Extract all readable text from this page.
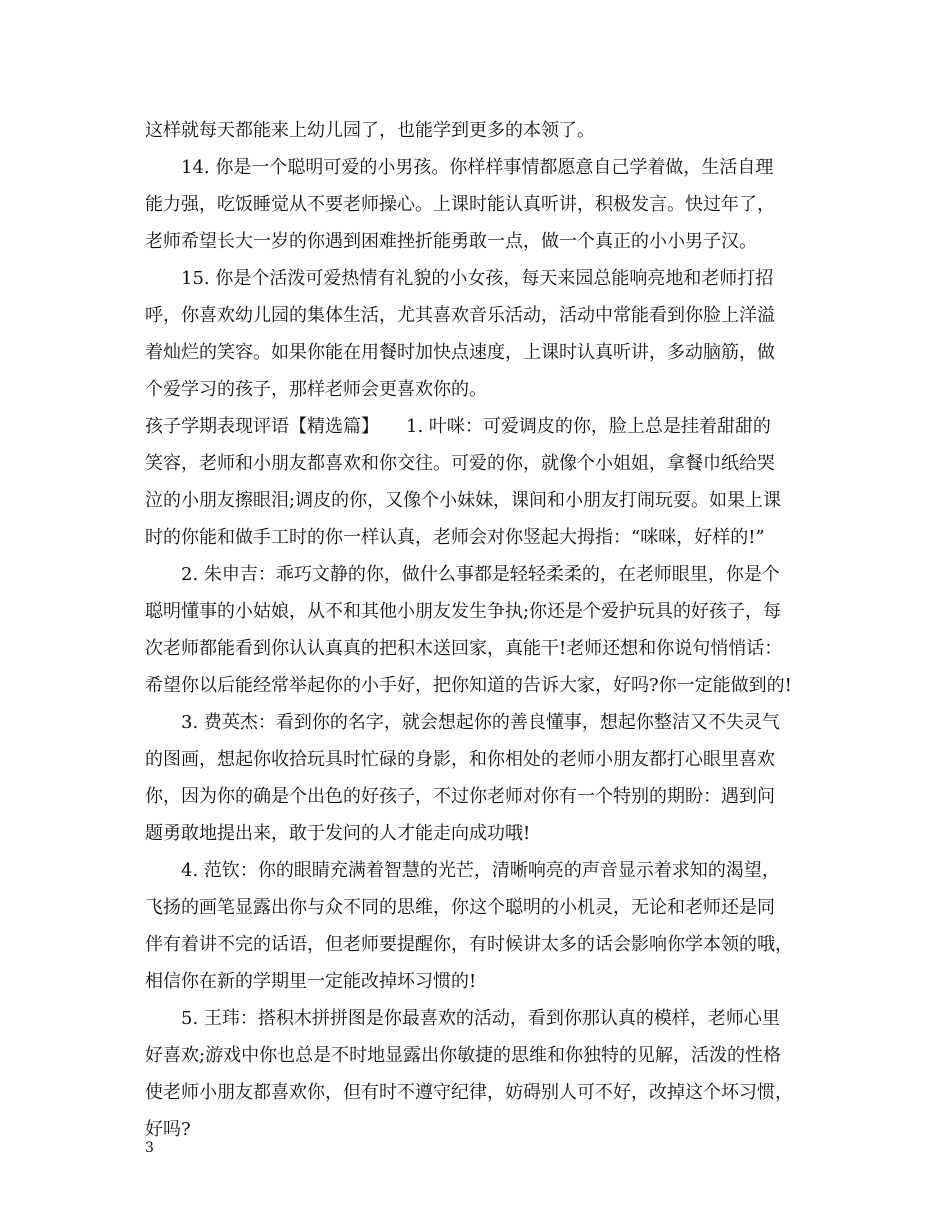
这样就每天都能来上幼儿园了，也能学到更多的本领了。
14. 你是一个聪明可爱的小男孩。你样样事情都愿意自己学着做，生活自理
能力强，吃饭睡觉从不要老师操心。上课时能认真听讲，积极发言。快过年了，
老师希望长大一岁的你遇到困难挫折能勇敢一点，做一个真正的小小男子汉。
15. 你是个活泼可爱热情有礼貌的小女孩，每天来园总能响亮地和老师打招
呼，你喜欢幼儿园的集体生活，尤其喜欢音乐活动，活动中常能看到你脸上洋溢
着灿烂的笑容。如果你能在用餐时加快点速度，上课时认真听讲，多动脑筋，做
个爱学习的孩子，那样老师会更喜欢你的。
孩子学期表现评语【精选篇】　　1. 叶咪：可爱调皮的你，脸上总是挂着甜甜的
笑容，老师和小朋友都喜欢和你交往。可爱的你，就像个小姐姐，拿餐巾纸给哭
泣的小朋友擦眼泪;调皮的你，又像个小妹妹，课间和小朋友打闹玩耍。如果上课
时的你能和做手工时的你一样认真，老师会对你竖起大拇指：“咪咪，好样的!”
2. 朱申吉：乖巧文静的你，做什么事都是轻轻柔柔的，在老师眼里，你是个
聪明懂事的小姑娘，从不和其他小朋友发生争执;你还是个爱护玩具的好孩子，每
次老师都能看到你认认真真的把积木送回家，真能干!老师还想和你说句悄悄话：
希望你以后能经常举起你的小手好，把你知道的告诉大家，好吗?你一定能做到的!
3. 费英杰：看到你的名字，就会想起你的善良懂事，想起你整洁又不失灵气
的图画，想起你收拾玩具时忙碌的身影，和你相处的老师小朋友都打心眼里喜欢
你，因为你的确是个出色的好孩子，不过你老师对你有一个特别的期盼：遇到问
题勇敢地提出来，敢于发问的人才能走向成功哦!
4. 范钦：你的眼睛充满着智慧的光芒，清晰响亮的声音显示着求知的渴望，
飞扬的画笔显露出你与众不同的思维，你这个聪明的小机灵，无论和老师还是同
伴有着讲不完的话语，但老师要提醒你，有时候讲太多的话会影响你学本领的哦，
相信你在新的学期里一定能改掉坏习惯的!
5. 王玮：搭积木拼拼图是你最喜欢的活动，看到你那认真的模样，老师心里
好喜欢;游戏中你也总是不时地显露出你敏捷的思维和你独特的见解，活泼的性格
使老师小朋友都喜欢你，但有时不遵守纪律，妨碍别人可不好，改掉这个坏习惯，
好吗?
3
